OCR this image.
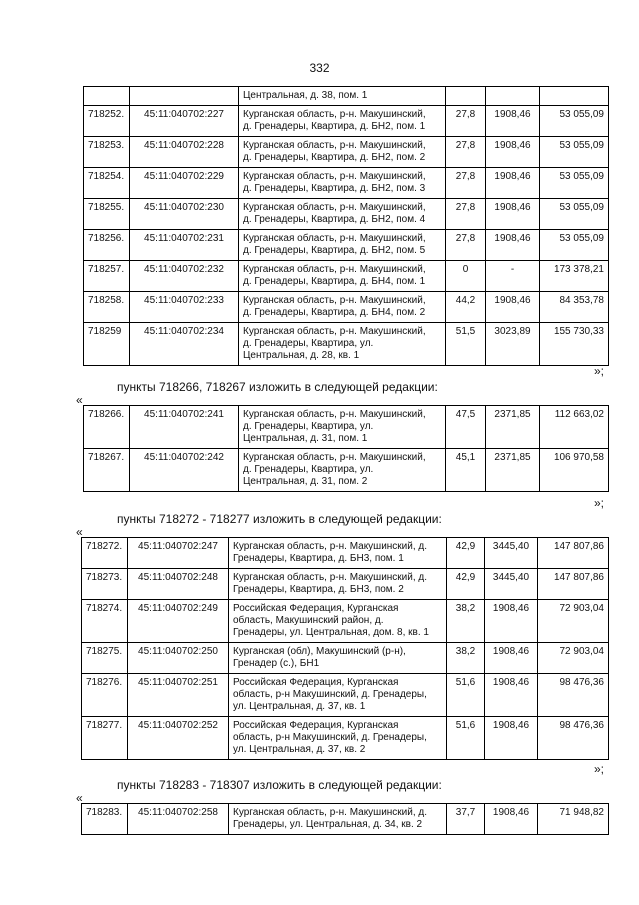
332

		Центральная, д. 38, пом. 1			

718252.	45:11:040702:227	Курганская область, р-н. Макушинский,
д. Гренадеры, Квартира, д. БН2, пом. 1	27,8	1908,46	53 055,09
718253.	45:11:040702:228	Курганская область, р-н. Макушинский,
д. Гренадеры, Квартира, д. БН2, пом. 2	27,8	1908,46	53 055,09
718254.	45:11:040702:229	Курганская область, р-н. Макушинский,
д. Гренадеры, Квартира, д. БН2, пом. 3	27,8	1908,46	53 055,09
718255.	45:11:040702:230	Курганская область, р-н. Макушинский,
д. Гренадеры, Квартира, д. БН2, пом. 4	27,8	1908,46	53 055,09
718256.	45:11:040702:231	Курганская область, р-н. Макушинский,
д. Гренадеры, Квартира, д. БН2, пом. 5	27,8	1908,46	53 055,09
718257.	45:11:040702:232	Курганская область, р-н. Макушинский,
д. Гренадеры, Квартира, д. БН4, пом. 1	0	-	173 378,21
718258.	45:11:040702:233	Курганская область, р-н. Макушинский,
д. Гренадеры, Квартира, д. БН4, пом. 2	44,2	1908,46	84 353,78
718259	45:11:040702:234	Курганская область, р-н. Макушинский,
д. Гренадеры, Квартира, ул.
Центральная, д. 28, кв. 1	51,5	3023,89	155 730,33
»;
пункты 718266, 718267 изложить в следующей редакции:
«
718266.	45:11:040702:241	Курганская область, р-н. Макушинский,
д. Гренадеры, Квартира, ул.
Центральная, д. 31, пом. 1	47,5	2371,85	112 663,02
718267.	45:11:040702:242	Курганская область, р-н. Макушинский,
д. Гренадеры, Квартира, ул.
Центральная, д. 31, пом. 2	45,1	2371,85	106 970,58
»;
пункты 718272 - 718277 изложить в следующей редакции:
«
718272.	45:11:040702:247	Курганская область, р-н. Макушинский, д.
Гренадеры, Квартира, д. БН3, пом. 1	42,9	3445,40	147 807,86
718273.	45:11:040702:248	Курганская область, р-н. Макушинский, д.
Гренадеры, Квартира, д. БН3, пом. 2	42,9	3445,40	147 807,86
718274.	45:11:040702:249	Российская Федерация, Курганская
область, Макушинский район, д.
Гренадеры, ул. Центральная, дом. 8, кв. 1	38,2	1908,46	72 903,04
718275.	45:11:040702:250	Курганская (обл), Макушинский (р-н),
Гренадер (с.), БН1	38,2	1908,46	72 903,04
718276.	45:11:040702:251	Российская Федерация, Курганская
область, р-н Макушинский, д. Гренадеры,
ул. Центральная, д. 37, кв. 1	51,6	1908,46	98 476,36
718277.	45:11:040702:252	Российская Федерация, Курганская
область, р-н Макушинский, д. Гренадеры,
ул. Центральная, д. 37, кв. 2	51,6	1908,46	98 476,36
»;
пункты 718283 - 718307 изложить в следующей редакции:
«
718283.	45:11:040702:258	Курганская область, р-н. Макушинский, д.
Гренадеры, ул. Центральная, д. 34, кв. 2
	37,7	1908,46	71 948,82
